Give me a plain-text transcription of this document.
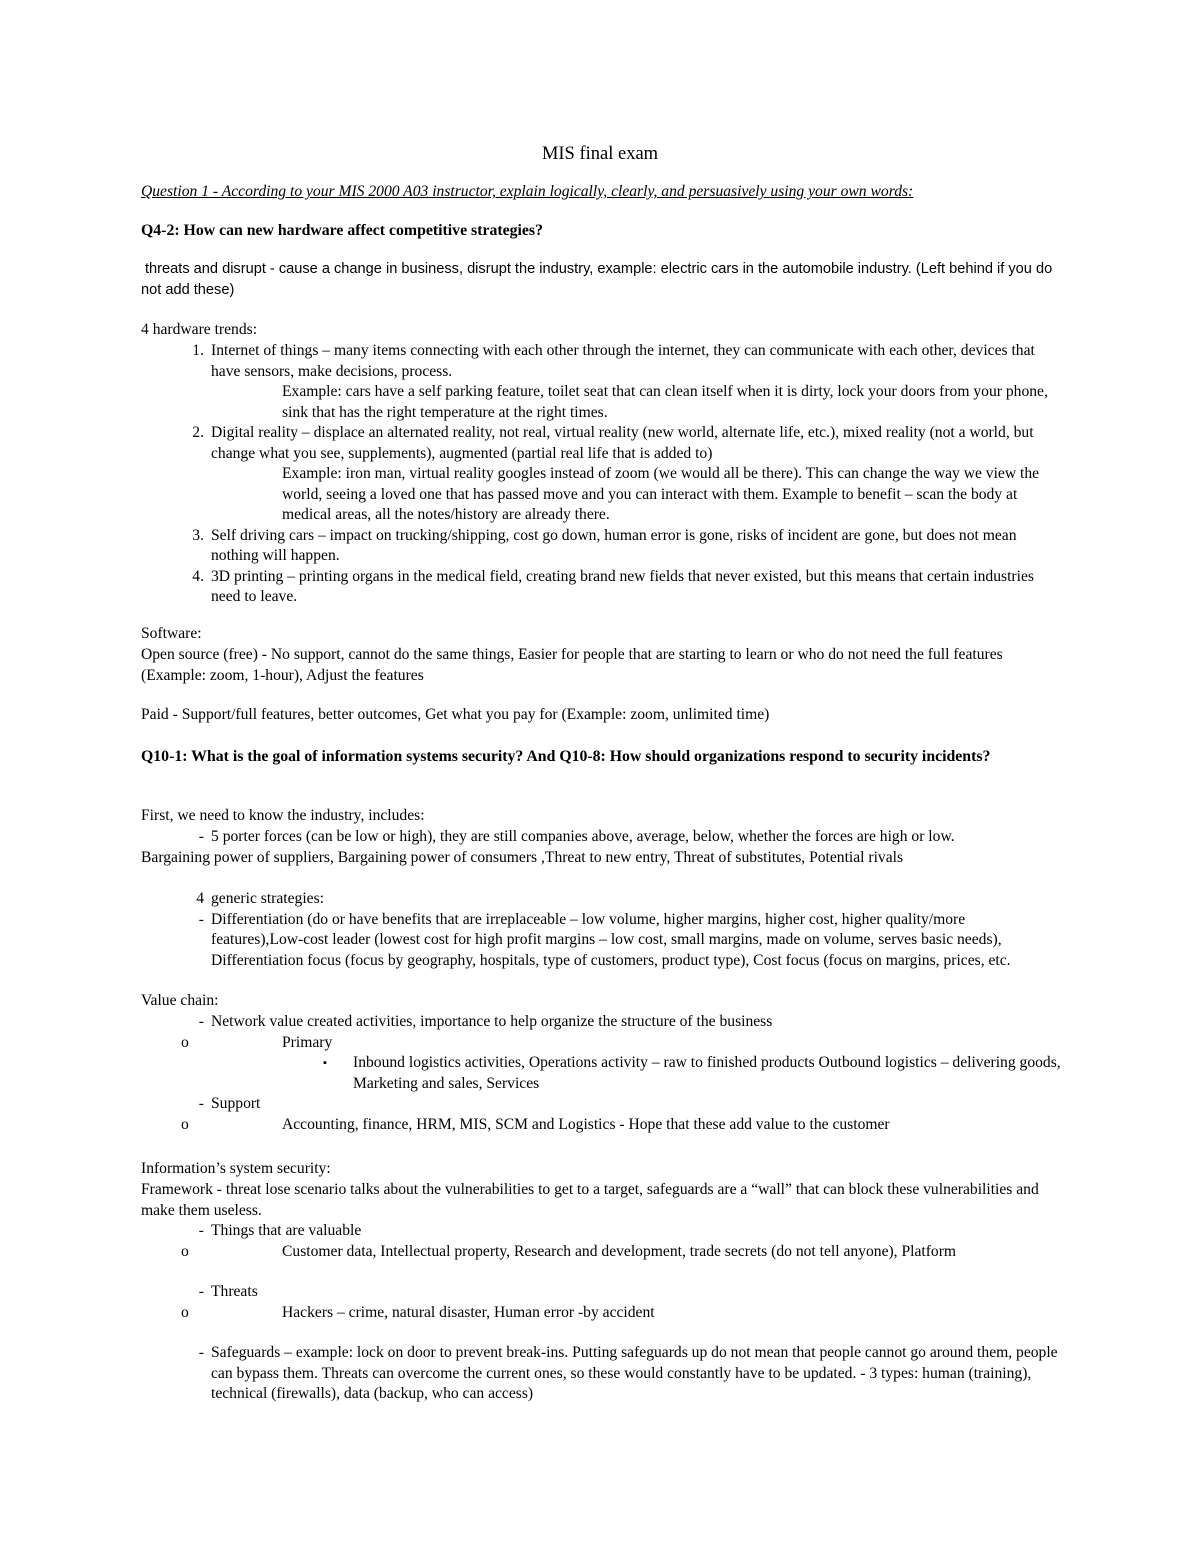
MIS final exam
Question 1 - According to your MIS 2000 A03 instructor, explain logically, clearly, and persuasively using your own words:
Q4-2: How can new hardware affect competitive strategies?
threats and disrupt - cause a change in business, disrupt the industry, example: electric cars in the automobile industry. (Left behind if you do not add these)
4 hardware trends:
1. Internet of things – many items connecting with each other through the internet, they can communicate with each other, devices that have sensors, make decisions, process.
Example: cars have a self parking feature, toilet seat that can clean itself when it is dirty, lock your doors from your phone, sink that has the right temperature at the right times.
2. Digital reality – displace an alternated reality, not real, virtual reality (new world, alternate life, etc.), mixed reality (not a world, but change what you see, supplements), augmented (partial real life that is added to)
Example: iron man, virtual reality googles instead of zoom (we would all be there). This can change the way we view the world, seeing a loved one that has passed move and you can interact with them. Example to benefit – scan the body at medical areas, all the notes/history are already there.
3. Self driving cars – impact on trucking/shipping, cost go down, human error is gone, risks of incident are gone, but does not mean nothing will happen.
4. 3D printing – printing organs in the medical field, creating brand new fields that never existed, but this means that certain industries need to leave.
Software:
Open source (free) - No support, cannot do the same things, Easier for people that are starting to learn or who do not need the full features (Example: zoom, 1-hour), Adjust the features
Paid - Support/full features, better outcomes, Get what you pay for (Example: zoom, unlimited time)
Q10-1: What is the goal of information systems security? And Q10-8: How should organizations respond to security incidents?
First, we need to know the industry, includes:
- 5 porter forces (can be low or high), they are still companies above, average, below, whether the forces are high or low.
Bargaining power of suppliers, Bargaining power of consumers ,Threat to new entry, Threat of substitutes, Potential rivals
4 generic strategies:
- Differentiation (do or have benefits that are irreplaceable – low volume, higher margins, higher cost, higher quality/more features),Low-cost leader (lowest cost for high profit margins – low cost, small margins, made on volume, serves basic needs), Differentiation focus (focus by geography, hospitals, type of customers, product type), Cost focus (focus on margins, prices, etc.
Value chain:
- Network value created activities, importance to help organize the structure of the business
o	Primary
▪ Inbound logistics activities, Operations activity – raw to finished products Outbound logistics – delivering goods, Marketing and sales, Services
- Support
o	Accounting, finance, HRM, MIS, SCM and Logistics - Hope that these add value to the customer
Information’s system security:
Framework - threat lose scenario talks about the vulnerabilities to get to a target, safeguards are a “wall” that can block these vulnerabilities and make them useless.
- Things that are valuable
o	Customer data, Intellectual property, Research and development, trade secrets (do not tell anyone), Platform
- Threats
o	Hackers – crime, natural disaster, Human error -by accident
- Safeguards – example: lock on door to prevent break-ins. Putting safeguards up do not mean that people cannot go around them, people can bypass them. Threats can overcome the current ones, so these would constantly have to be updated. - 3 types: human (training), technical (firewalls), data (backup, who can access)
